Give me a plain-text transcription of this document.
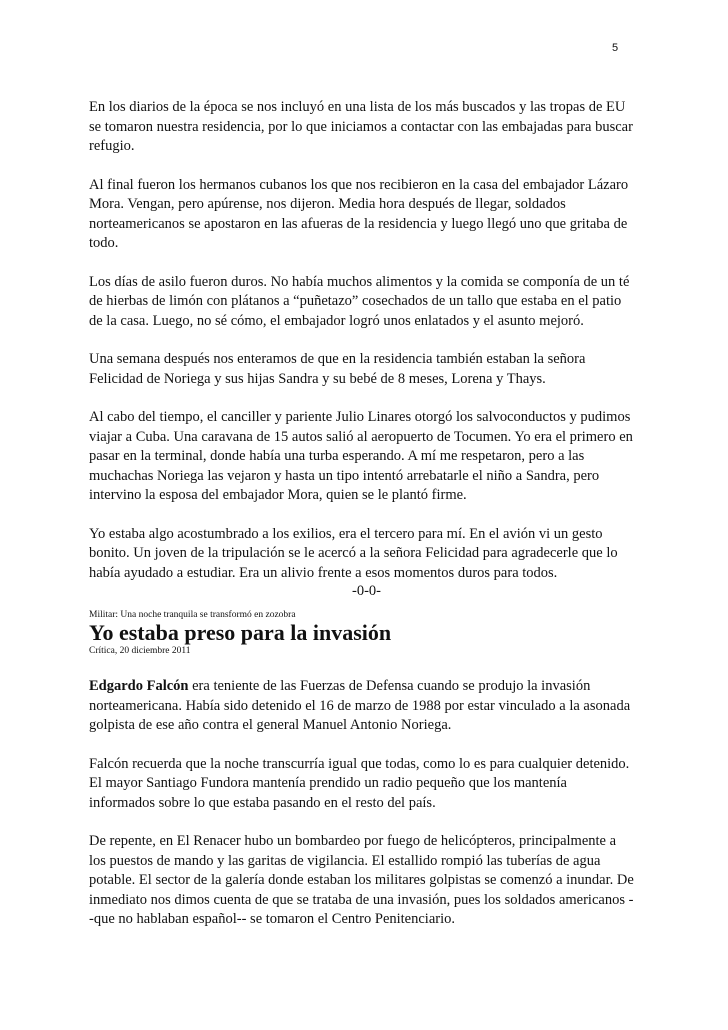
5

En los diarios de la época se nos incluyó en una lista de los más buscados y las tropas de EU se tomaron nuestra residencia, por lo que iniciamos a contactar con las embajadas para buscar refugio.

Al final fueron los hermanos cubanos los que nos recibieron en la casa del embajador Lázaro Mora. Vengan, pero apúrense, nos dijeron. Media hora después de llegar, soldados norteamericanos se apostaron en las afueras de la residencia y luego llegó uno que gritaba de todo.

Los días de asilo fueron duros. No había muchos alimentos y la comida se componía de un té de hierbas de limón con plátanos a “puñetazo” cosechados de un tallo que estaba en el patio de la casa. Luego, no sé cómo, el embajador logró unos enlatados y el asunto mejoró.

Una semana después nos enteramos de que en la residencia también estaban la señora Felicidad de Noriega y sus hijas Sandra y su bebé de 8 meses, Lorena y Thays.

Al cabo del tiempo, el canciller y pariente Julio Linares otorgó los salvoconductos y pudimos viajar a Cuba. Una caravana de 15 autos salió al aeropuerto de Tocumen. Yo era el primero en pasar en la terminal, donde había una turba esperando. A mí me respetaron, pero a las muchachas Noriega las vejaron y hasta un tipo intentó arrebatarle el niño a Sandra, pero intervino la esposa del embajador Mora, quien se le plantó firme.

Yo estaba algo acostumbrado a los exilios, era el tercero para mí. En el avión vi un gesto bonito. Un joven de la tripulación se le acercó a la señora Felicidad para agradecerle que lo había ayudado a estudiar. Era un alivio frente a esos momentos duros para todos.

-0-0-

Militar: Una noche tranquila se transformó en zozobra

Yo estaba preso para la invasión

Crítica, 20 diciembre 2011

Edgardo Falcón era teniente de las Fuerzas de Defensa cuando se produjo la invasión norteamericana. Había sido detenido el 16 de marzo de 1988 por estar vinculado a la asonada golpista de ese año contra el general Manuel Antonio Noriega.

Falcón recuerda que la noche transcurría igual que todas, como lo es para cualquier detenido. El mayor Santiago Fundora mantenía prendido un radio pequeño que los mantenía informados sobre lo que estaba pasando en el resto del país.

De repente, en El Renacer hubo un bombardeo por fuego de helicópteros, principalmente a los puestos de mando y las garitas de vigilancia. El estallido rompió las tuberías de agua potable. El sector de la galería donde estaban los militares golpistas se comenzó a inundar. De inmediato nos dimos cuenta de que se trataba de una invasión, pues los soldados americanos --que no hablaban español-- se tomaron el Centro Penitenciario.
